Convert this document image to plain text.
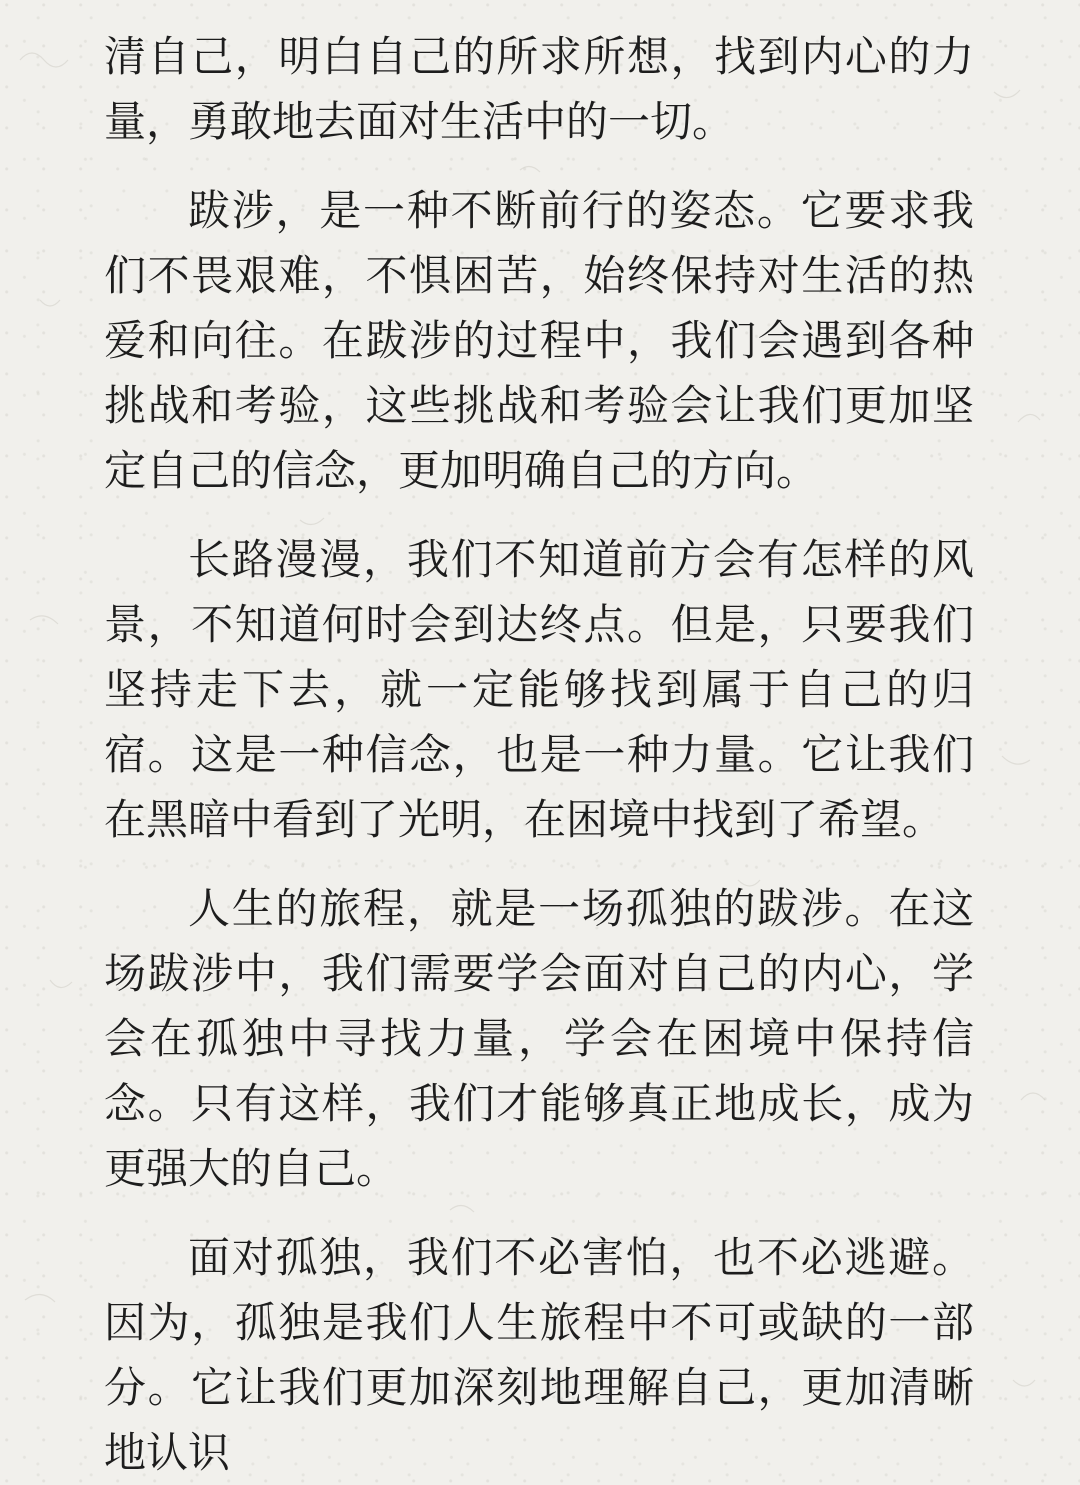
清自己，明白自己的所求所想，找到内心的力量，勇敢地去面对生活中的一切。

跋涉，是一种不断前行的姿态。它要求我们不畏艰难，不惧困苦，始终保持对生活的热爱和向往。在跋涉的过程中，我们会遇到各种挑战和考验，这些挑战和考验会让我们更加坚定自己的信念，更加明确自己的方向。

长路漫漫，我们不知道前方会有怎样的风景，不知道何时会到达终点。但是，只要我们坚持走下去，就一定能够找到属于自己的归宿。这是一种信念，也是一种力量。它让我们在黑暗中看到了光明，在困境中找到了希望。

人生的旅程，就是一场孤独的跋涉。在这场跋涉中，我们需要学会面对自己的内心，学会在孤独中寻找力量，学会在困境中保持信念。只有这样，我们才能够真正地成长，成为更强大的自己。

面对孤独，我们不必害怕，也不必逃避。因为，孤独是我们人生旅程中不可或缺的一部分。它让我们更加深刻地理解自己，更加清晰地认识
